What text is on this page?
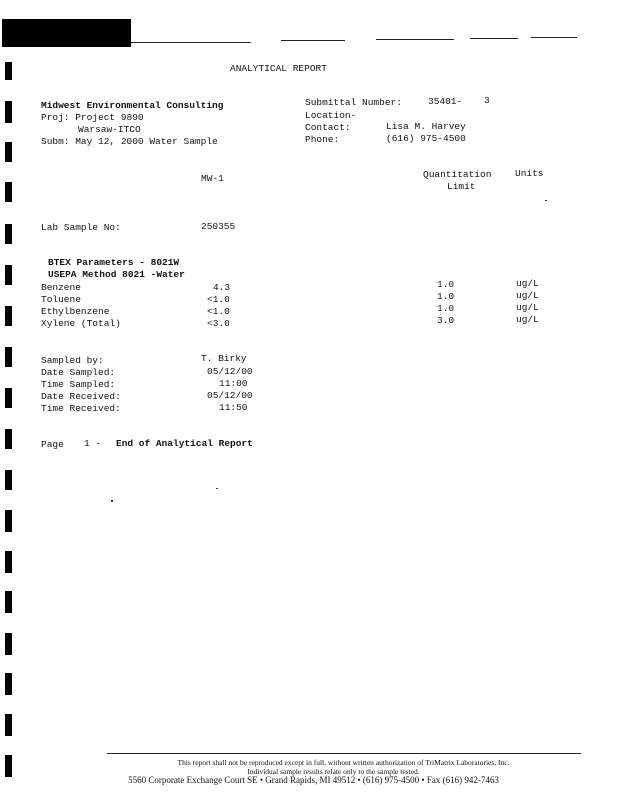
ANALYTICAL REPORT
Midwest Environmental Consulting
Proj: Project 9890
Warsaw-ITCO
Subm: May 12, 2000 Water Sample
Submittal Number:	35401- 3
Location-
Contact:	Lisa M. Harvey
Phone:	(616) 975-4500
MW-1	Quantitation
Limit
Units
Lab Sample No:	250355
BTEX Parameters - 8021W
USEPA Method 8021 -Water
Benzene	4.3	1.0	ug/L
Toluene	<1.0	1.0	ug/L
Ethylbenzene	<1.0	1.0	ug/L
Xylene (Total)	<3.0	3.0	ug/L
Sampled by:	T. Birky
Date Sampled:	05/12/00
Time Sampled:	11:00
Date Received:	05/12/00
Time Received:	11:50
Page 1 - End of Analytical Report
This report shall not be reproduced except in full, without written authorization of TriMatrix Laboratories, Inc.
Individual sample results relate only to the sample tested.
5560 Corporate Exchange Court SE • Grand Rapids, MI 49512 • (616) 975-4500 • Fax (616) 942-7463
